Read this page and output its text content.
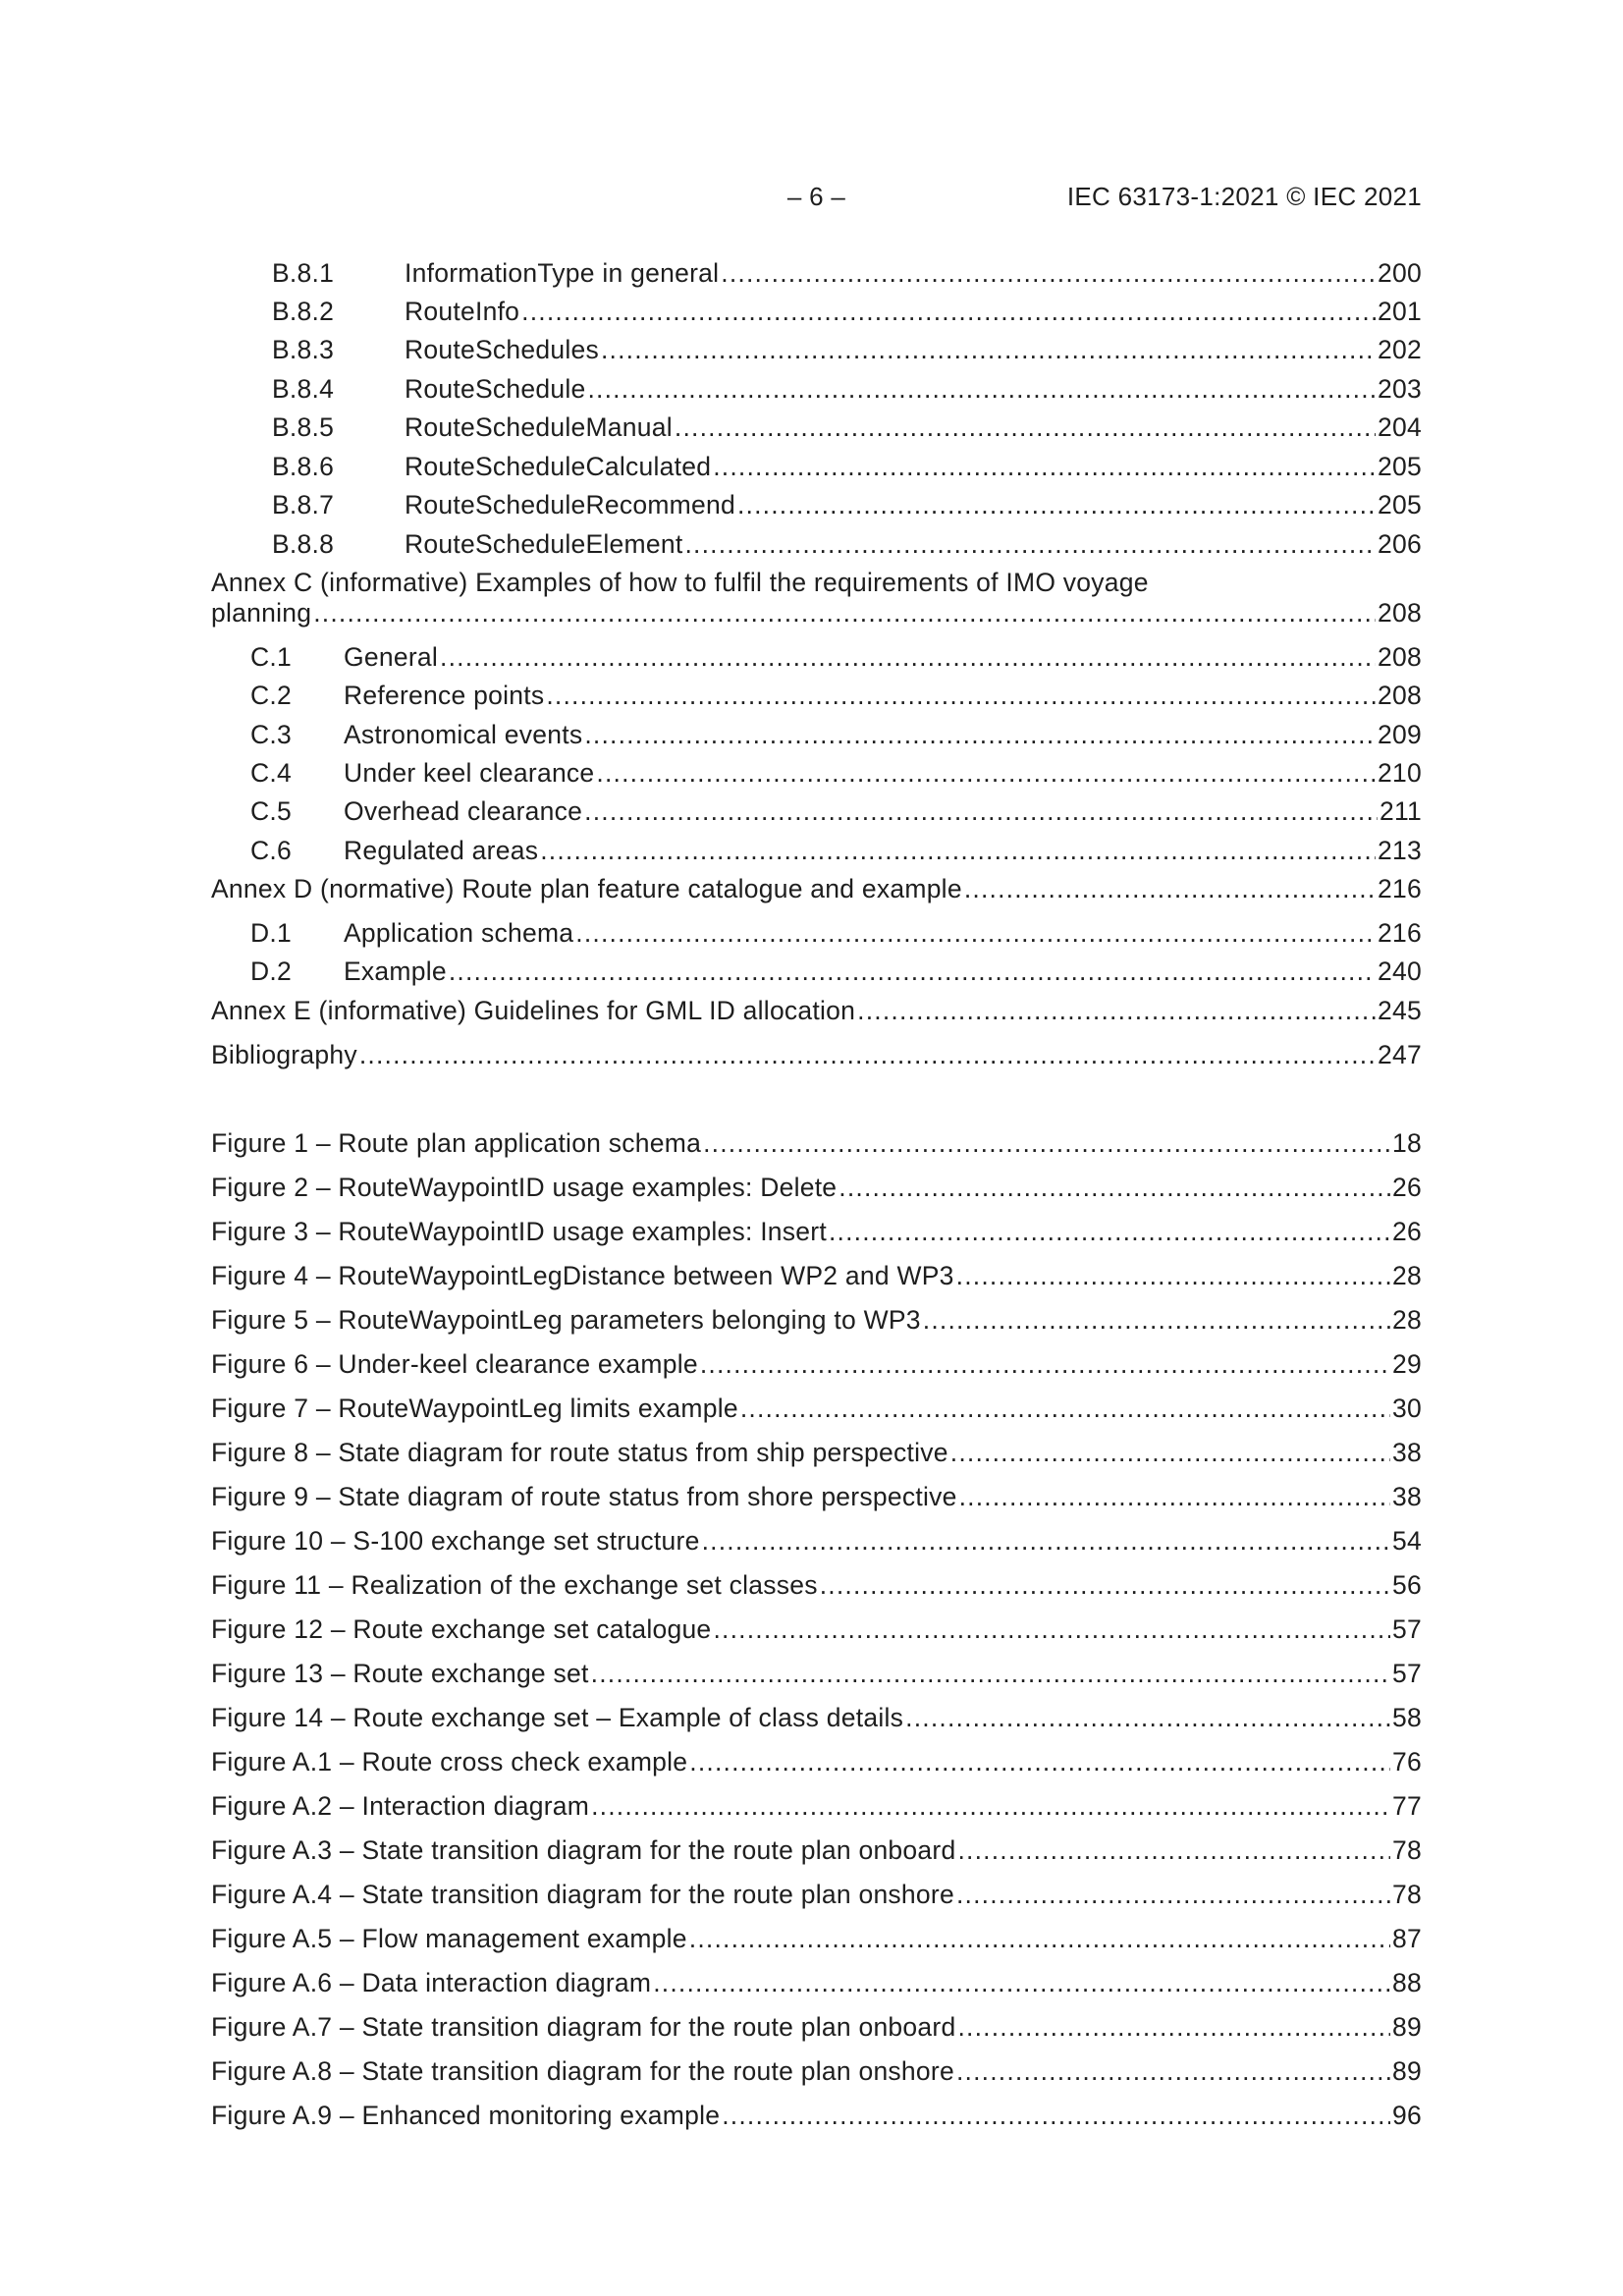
– 6 –	IEC 63173-1:2021 © IEC 2021
B.8.1	InformationType in general .....	200
B.8.2	RouteInfo .....	201
B.8.3	RouteSchedules .....	202
B.8.4	RouteSchedule .....	203
B.8.5	RouteScheduleManual .....	204
B.8.6	RouteScheduleCalculated .....	205
B.8.7	RouteScheduleRecommend .....	205
B.8.8	RouteScheduleElement .....	206
Annex C (informative) Examples of how to fulfil the requirements of IMO voyage
planning .....	208
C.1	General .....	208
C.2	Reference points .....	208
C.3	Astronomical events .....	209
C.4	Under keel clearance .....	210
C.5	Overhead clearance .....	211
C.6	Regulated areas .....	213
Annex D (normative) Route plan feature catalogue and example .....	216
D.1	Application schema .....	216
D.2	Example .....	240
Annex E (informative) Guidelines for GML ID allocation .....	245
Bibliography .....	247
Figure 1 – Route plan application schema .....	18
Figure 2 – RouteWaypointID usage examples: Delete .....	26
Figure 3 – RouteWaypointID usage examples: Insert .....	26
Figure 4 – RouteWaypointLegDistance between WP2 and WP3 .....	28
Figure 5 – RouteWaypointLeg parameters belonging to WP3 .....	28
Figure 6 – Under-keel clearance example .....	29
Figure 7 – RouteWaypointLeg limits example .....	30
Figure 8 – State diagram for route status from ship perspective .....	38
Figure 9 – State diagram of route status from shore perspective .....	38
Figure 10 – S-100 exchange set structure .....	54
Figure 11 – Realization of the exchange set classes .....	56
Figure 12 – Route exchange set catalogue .....	57
Figure 13 – Route exchange set .....	57
Figure 14 – Route exchange set – Example of class details .....	58
Figure A.1 – Route cross check example .....	76
Figure A.2 – Interaction diagram .....	77
Figure A.3 – State transition diagram for the route plan onboard .....	78
Figure A.4 – State transition diagram for the route plan onshore .....	78
Figure A.5 – Flow management example .....	87
Figure A.6 – Data interaction diagram .....	88
Figure A.7 – State transition diagram for the route plan onboard .....	89
Figure A.8 – State transition diagram for the route plan onshore .....	89
Figure A.9 – Enhanced monitoring example .....	96
